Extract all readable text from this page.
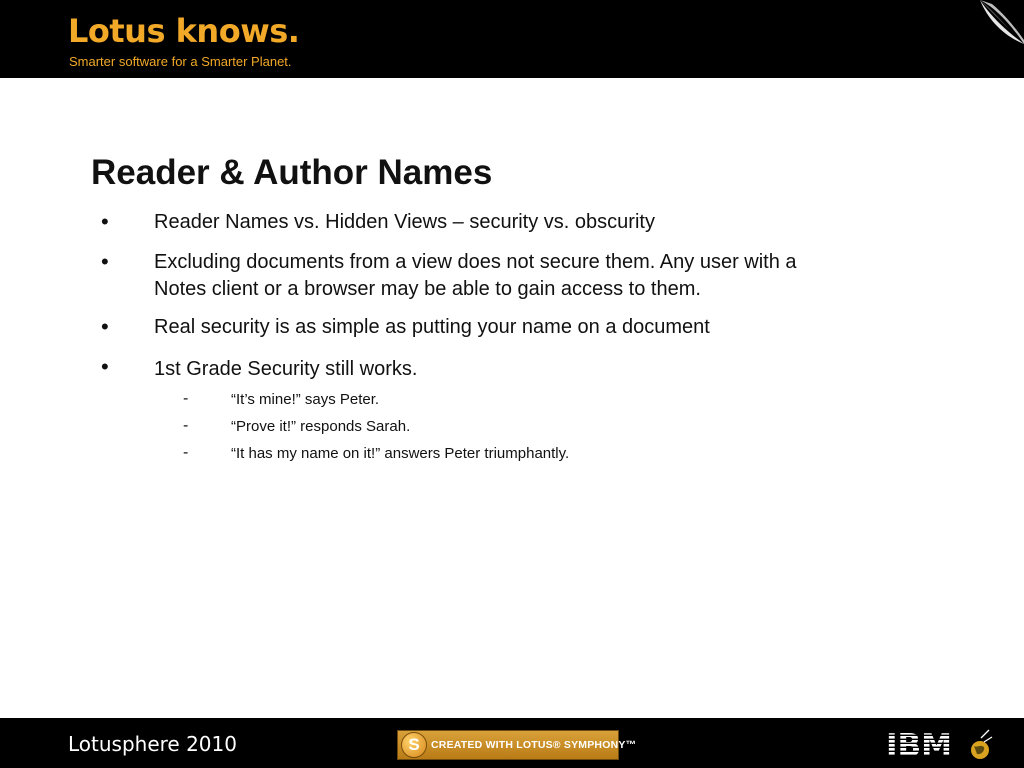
Lotus knows.
Smarter software for a Smarter Planet.
Reader & Author Names
• Reader Names vs. Hidden Views – security vs. obscurity
• Excluding documents from a view does not secure them. Any user with a
Notes client or a browser may be able to gain access to them.
• Real security is as simple as putting your name on a document
• 1st Grade Security still works.
-	“It’s mine!” says Peter.
-	“Prove it!” responds Sarah.
-	“It has my name on it!” answers Peter triumphantly.
Lotusphere 2010	S	CREATED WITH LOTUS® SYMPHONY™	IBM
